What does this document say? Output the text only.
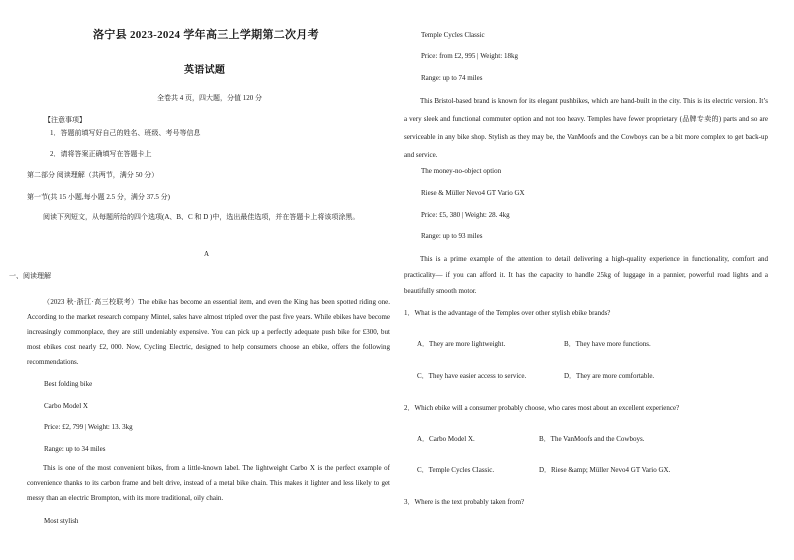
洛宁县 2023-2024 学年高三上学期第二次月考
英语试题
全卷共 4 页，四大题，分值 120 分
【注意事项】
1．答题前填写好自己的姓名、班级、考号等信息
2．请将答案正确填写在答题卡上
第二部分 阅读理解（共两节，满分 50 分）
第一节(共 15 小题,每小题 2.5 分，满分 37.5 分)
阅读下列短文，从每题所给的四个选项(A、B、C 和 D )中，选出最佳选项，并在答题卡上将该项涂黑。
A
一、阅读理解
（2023 秋·浙江·高三校联考）The ebike has become an essential item, and even the King has been spotted riding one. According to the market research company Mintel, sales have almost tripled over the past five years. While ebikes have become increasingly commonplace, they are still undeniably expensive. You can pick up a perfectly adequate push bike for £300, but most ebikes cost nearly £2, 000. Now, Cycling Electric, designed to help consumers choose an ebike, offers the following recommendations.
Best folding bike
Carbo Model X
Price: £2, 799 | Weight: 13. 3kg
Range: up to 34 miles
This is one of the most convenient bikes, from a little-known label. The lightweight Carbo X is the perfect example of convenience thanks to its carbon frame and belt drive, instead of a metal bike chain. This makes it lighter and less likely to get messy than an electric Brompton, with its more traditional, oily chain.
Most stylish
Temple Cycles Classic
Price: from £2, 995 | Weight: 18kg
Range: up to 74 miles
This Bristol-based brand is known for its elegant pushbikes, which are hand-built in the city. This is its electric version. It’s a very sleek and functional commuter option and not too heavy. Temples have fewer proprietary (品牌专卖的) parts and so are serviceable in any bike shop. Stylish as they may be, the VanMoofs and the Cowboys can be a bit more complex to get back-up and service.
The money-no-object option
Riese & Müller Nevo4 GT Vario GX
Price: £5, 380 | Weight: 28. 4kg
Range: up to 93 miles
This is a prime example of the attention to detail delivering a high-quality experience in functionality, comfort and practicality— if you can afford it. It has the capacity to handle 25kg of luggage in a pannier, powerful road lights and a beautifully smooth motor.
1．What is the advantage of the Temples over other stylish ebike brands?
A．They are more lightweight.	B．They have more functions.
C．They have easier access to service.	D．They are more comfortable.
2．Which ebike will a consumer probably choose, who cares most about an excellent experience?
A．Carbo Model X.	B．The VanMoofs and the Cowboys.
C．Temple Cycles Classic.	D．Riese &amp; Müller Nevo4 GT Vario GX.
3．Where is the text probably taken from?
